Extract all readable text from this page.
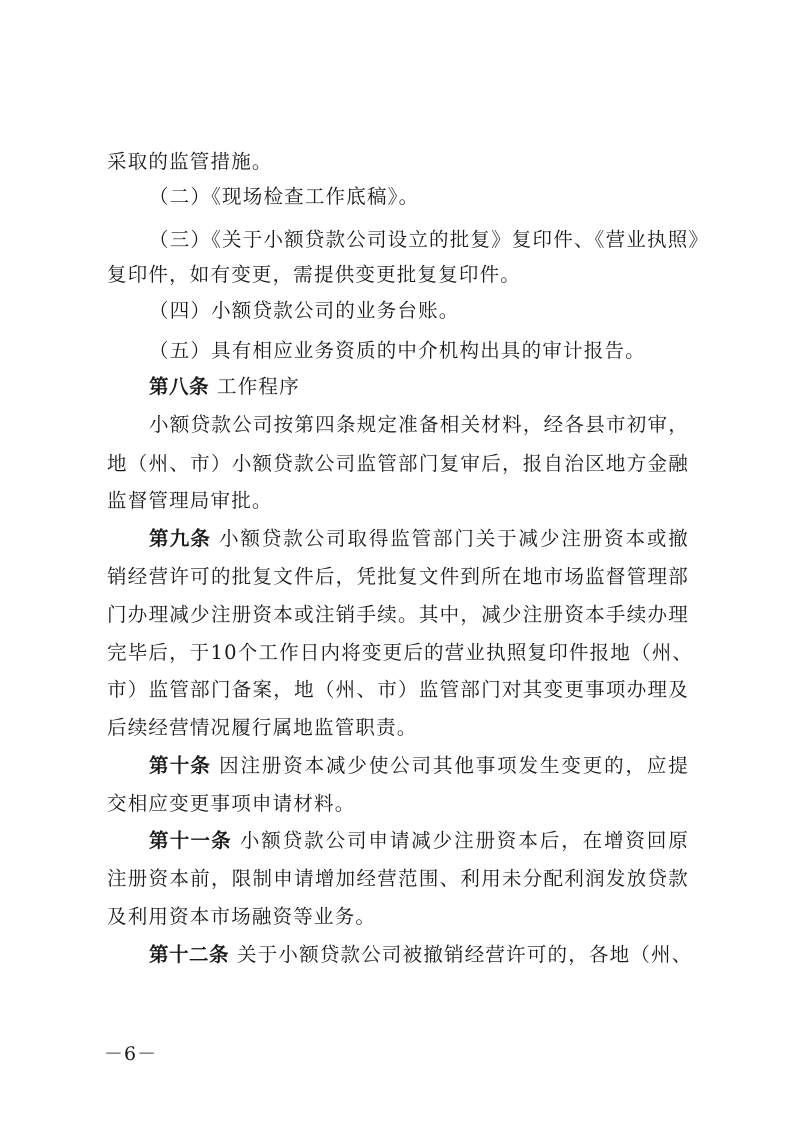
采取的监管措施。
（二）《现场检查工作底稿》。
（三）《关于小额贷款公司设立的批复》复印件、《营业执照》
复印件，如有变更，需提供变更批复复印件。
（四）小额贷款公司的业务台账。
（五）具有相应业务资质的中介机构出具的审计报告。
第八条 工作程序
小额贷款公司按第四条规定准备相关材料，经各县市初审，
地（州、市）小额贷款公司监管部门复审后，报自治区地方金融
监督管理局审批。
第九条 小额贷款公司取得监管部门关于减少注册资本或撤
销经营许可的批复文件后，凭批复文件到所在地市场监督管理部
门办理减少注册资本或注销手续。其中，减少注册资本手续办理
完毕后，于10个工作日内将变更后的营业执照复印件报地（州、
市）监管部门备案，地（州、市）监管部门对其变更事项办理及
后续经营情况履行属地监管职责。
第十条 因注册资本减少使公司其他事项发生变更的，应提
交相应变更事项申请材料。
第十一条 小额贷款公司申请减少注册资本后，在增资回原
注册资本前，限制申请增加经营范围、利用未分配利润发放贷款
及利用资本市场融资等业务。
第十二条 关于小额贷款公司被撤销经营许可的，各地（州、
－6－
